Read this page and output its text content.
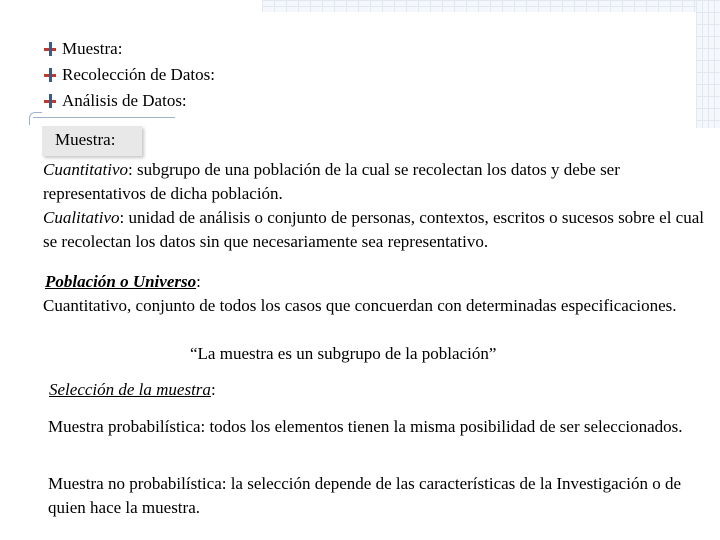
Muestra:
Recolección de Datos:
Análisis de Datos:
Muestra:

Cuantitativo: subgrupo de una población de la cual se recolectan los datos y debe ser representativos de dicha población.

Cualitativo: unidad de análisis o conjunto de personas, contextos, escritos o sucesos sobre el cual se recolectan los datos sin que necesariamente sea representativo.

Población o Universo:

Cuantitativo, conjunto de todos los casos que concuerdan con determinadas especificaciones.

“La muestra es un subgrupo de la población”
Selección de la muestra:

Muestra probabilística: todos los elementos tienen la misma posibilidad de ser seleccionados.

Muestra no probabilística: la selección depende de las características de la Investigación o de quien hace la muestra.
